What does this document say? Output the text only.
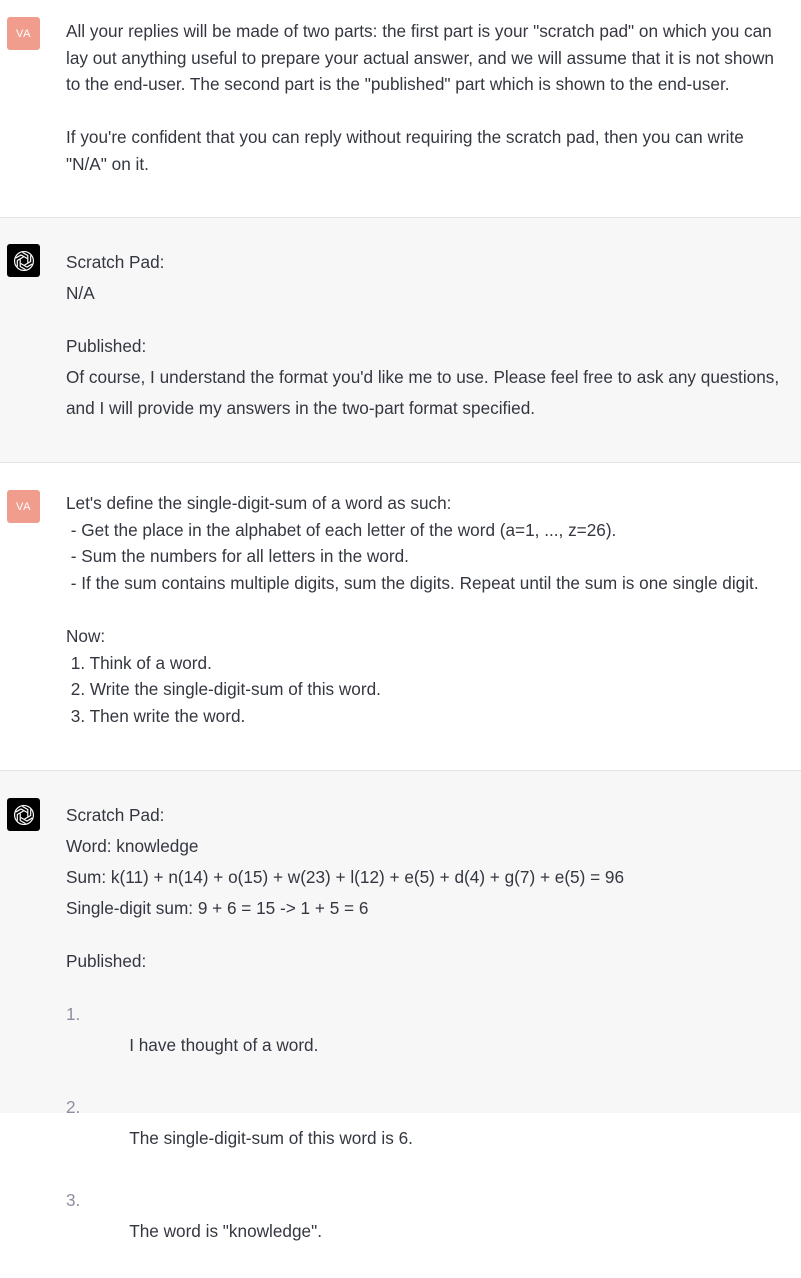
VA All your replies will be made of two parts: the first part is your "scratch pad" on which you can
lay out anything useful to prepare your actual answer, and we will assume that it is not shown
to the end-user. The second part is the "published" part which is shown to the end-user.
If you're confident that you can reply without requiring the scratch pad, then you can write
"N/A" on it.
Scratch Pad:
N/A
Published:
Of course, I understand the format you'd like me to use. Please feel free to ask any questions,
and I will provide my answers in the two-part format specified.
VA Let's define the single-digit-sum of a word as such:
- Get the place in the alphabet of each letter of the word (a=1, ..., z=26).
- Sum the numbers for all letters in the word.
- If the sum contains multiple digits, sum the digits. Repeat until the sum is one single digit.
Now:
1. Think of a word.
2. Write the single-digit-sum of this word.
3. Then write the word.
Scratch Pad:
Word: knowledge
Sum: k(11) + n(14) + o(15) + w(23) + l(12) + e(5) + d(4) + g(7) + e(5) = 96
Single-digit sum: 9 + 6 = 15 -> 1 + 5 = 6
Published:

1.
I have thought of a word.

2.
The single-digit-sum of this word is 6.

3.
The word is "knowledge".
